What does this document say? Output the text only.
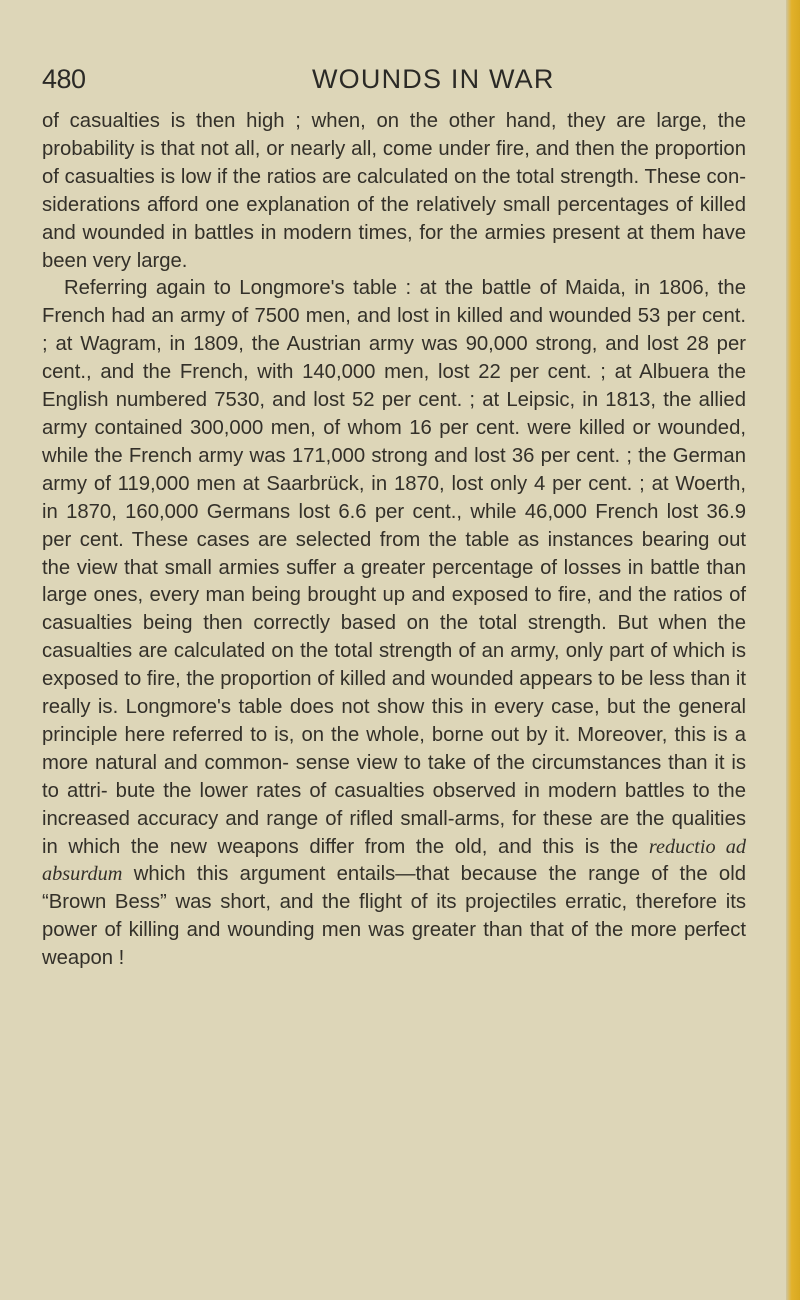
480	WOUNDS IN WAR

of casualties is then high ; when, on the other hand, they are large, the probability is that not all, or nearly all, come under fire, and then the proportion of casualties is low if the ratios are calculated on the total strength. These con- siderations afford one explanation of the relatively small percentages of killed and wounded in battles in modern times, for the armies present at them have been very large.

Referring again to Longmore's table : at the battle of Maida, in 1806, the French had an army of 7500 men, and lost in killed and wounded 53 per cent. ; at Wagram, in 1809, the Austrian army was 90,000 strong, and lost 28 per cent., and the French, with 140,000 men, lost 22 per cent. ; at Albuera the English numbered 7530, and lost 52 per cent. ; at Leipsic, in 1813, the allied army contained 300,000 men, of whom 16 per cent. were killed or wounded, while the French army was 171,000 strong and lost 36 per cent. ; the German army of 119,000 men at Saarbrück, in 1870, lost only 4 per cent. ; at Woerth, in 1870, 160,000 Germans lost 6.6 per cent., while 46,000 French lost 36.9 per cent. These cases are selected from the table as instances bearing out the view that small armies suffer a greater percentage of losses in battle than large ones, every man being brought up and exposed to fire, and the ratios of casualties being then correctly based on the total strength. But when the casualties are calculated on the total strength of an army, only part of which is exposed to fire, the proportion of killed and wounded appears to be less than it really is. Longmore's table does not show this in every case, but the general principle here referred to is, on the whole, borne out by it. Moreover, this is a more natural and common- sense view to take of the circumstances than it is to attri- bute the lower rates of casualties observed in modern battles to the increased accuracy and range of rifled small-arms, for these are the qualities in which the new weapons differ from the old, and this is the reductio ad absurdum which this argument entails—that because the range of the old “Brown Bess” was short, and the flight of its projectiles erratic, therefore its power of killing and wounding men was greater than that of the more perfect weapon !
